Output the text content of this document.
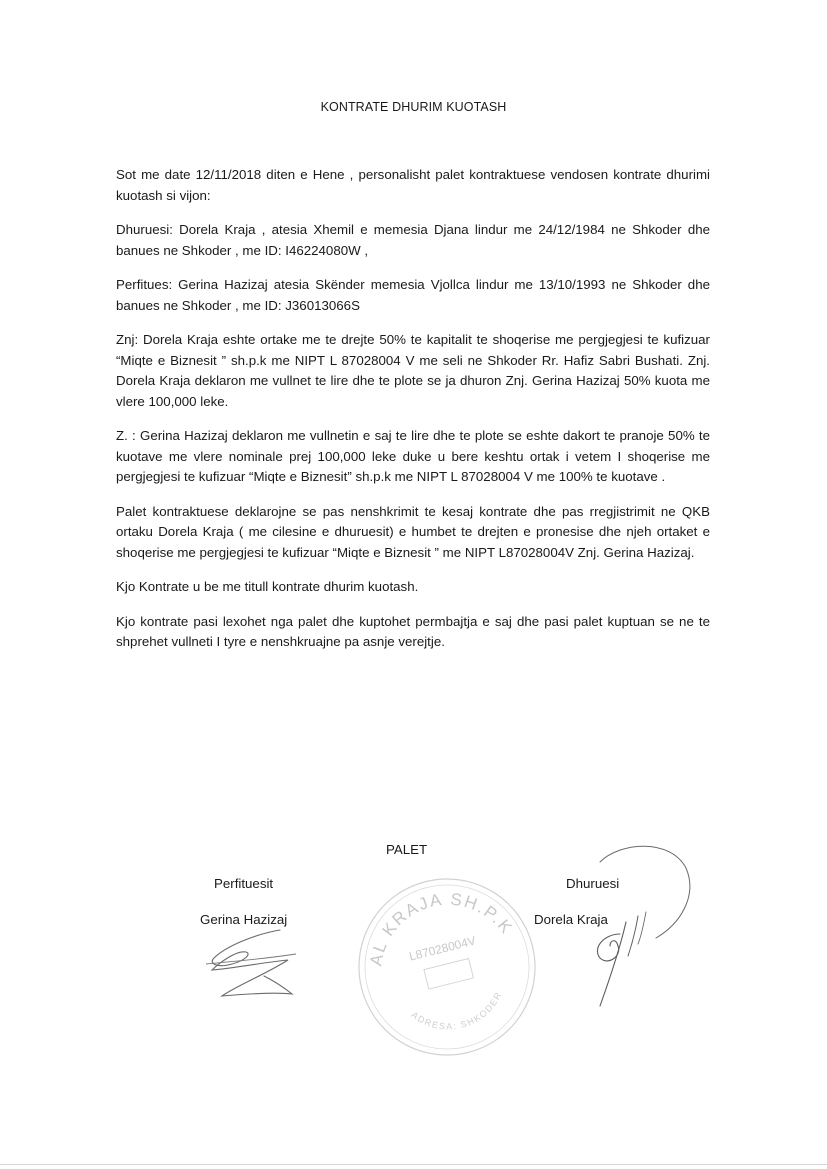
KONTRATE DHURIM KUOTASH

Sot me date 12/11/2018 diten e Hene , personalisht palet kontraktuese vendosen kontrate dhurimi kuotash si vijon:

Dhuruesi: Dorela Kraja , atesia Xhemil e memesia Djana lindur me 24/12/1984 ne Shkoder dhe banues ne Shkoder , me ID: I46224080W ,

Perfitues: Gerina Hazizaj atesia Skënder memesia Vjollca lindur me 13/10/1993 ne Shkoder dhe banues ne Shkoder , me ID: J36013066S

Znj: Dorela Kraja eshte ortake me te drejte 50% te kapitalit te shoqerise me pergjegjesi te kufizuar “Miqte e Biznesit ” sh.p.k me NIPT L 87028004 V me seli ne Shkoder Rr. Hafiz Sabri Bushati. Znj. Dorela Kraja deklaron me vullnet te lire dhe te plote se ja dhuron Znj. Gerina Hazizaj 50% kuota me vlere 100,000 leke.

Z. : Gerina Hazizaj deklaron me vullnetin e saj te lire dhe te plote se eshte dakort te pranoje 50% te kuotave me vlere nominale prej 100,000 leke duke u bere keshtu ortak i vetem I shoqerise me pergjegjesi te kufizuar “Miqte e Biznesit” sh.p.k me NIPT L 87028004 V me 100% te kuotave .

Palet kontraktuese deklarojne se pas nenshkrimit te kesaj kontrate dhe pas rregjistrimit ne QKB ortaku Dorela Kraja ( me cilesine e dhuruesit) e humbet te drejten e pronesise dhe njeh ortaket e shoqerise me pergjegjesi te kufizuar “Miqte e Biznesit ” me NIPT L87028004V Znj. Gerina Hazizaj.

Kjo Kontrate u be me titull kontrate dhurim kuotash.

Kjo kontrate pasi lexohet nga palet dhe kuptohet permbajtja e saj dhe pasi palet kuptuan se ne te shprehet vullneti I tyre e nenshkruajne pa asnje verejtje.

PALET
Perfituesit
Gerina Hazizaj
Dhuruesi
Dorela Kraja
AL KRAJA SH.P.K
L87028004V
ADRESA: SHKODER
